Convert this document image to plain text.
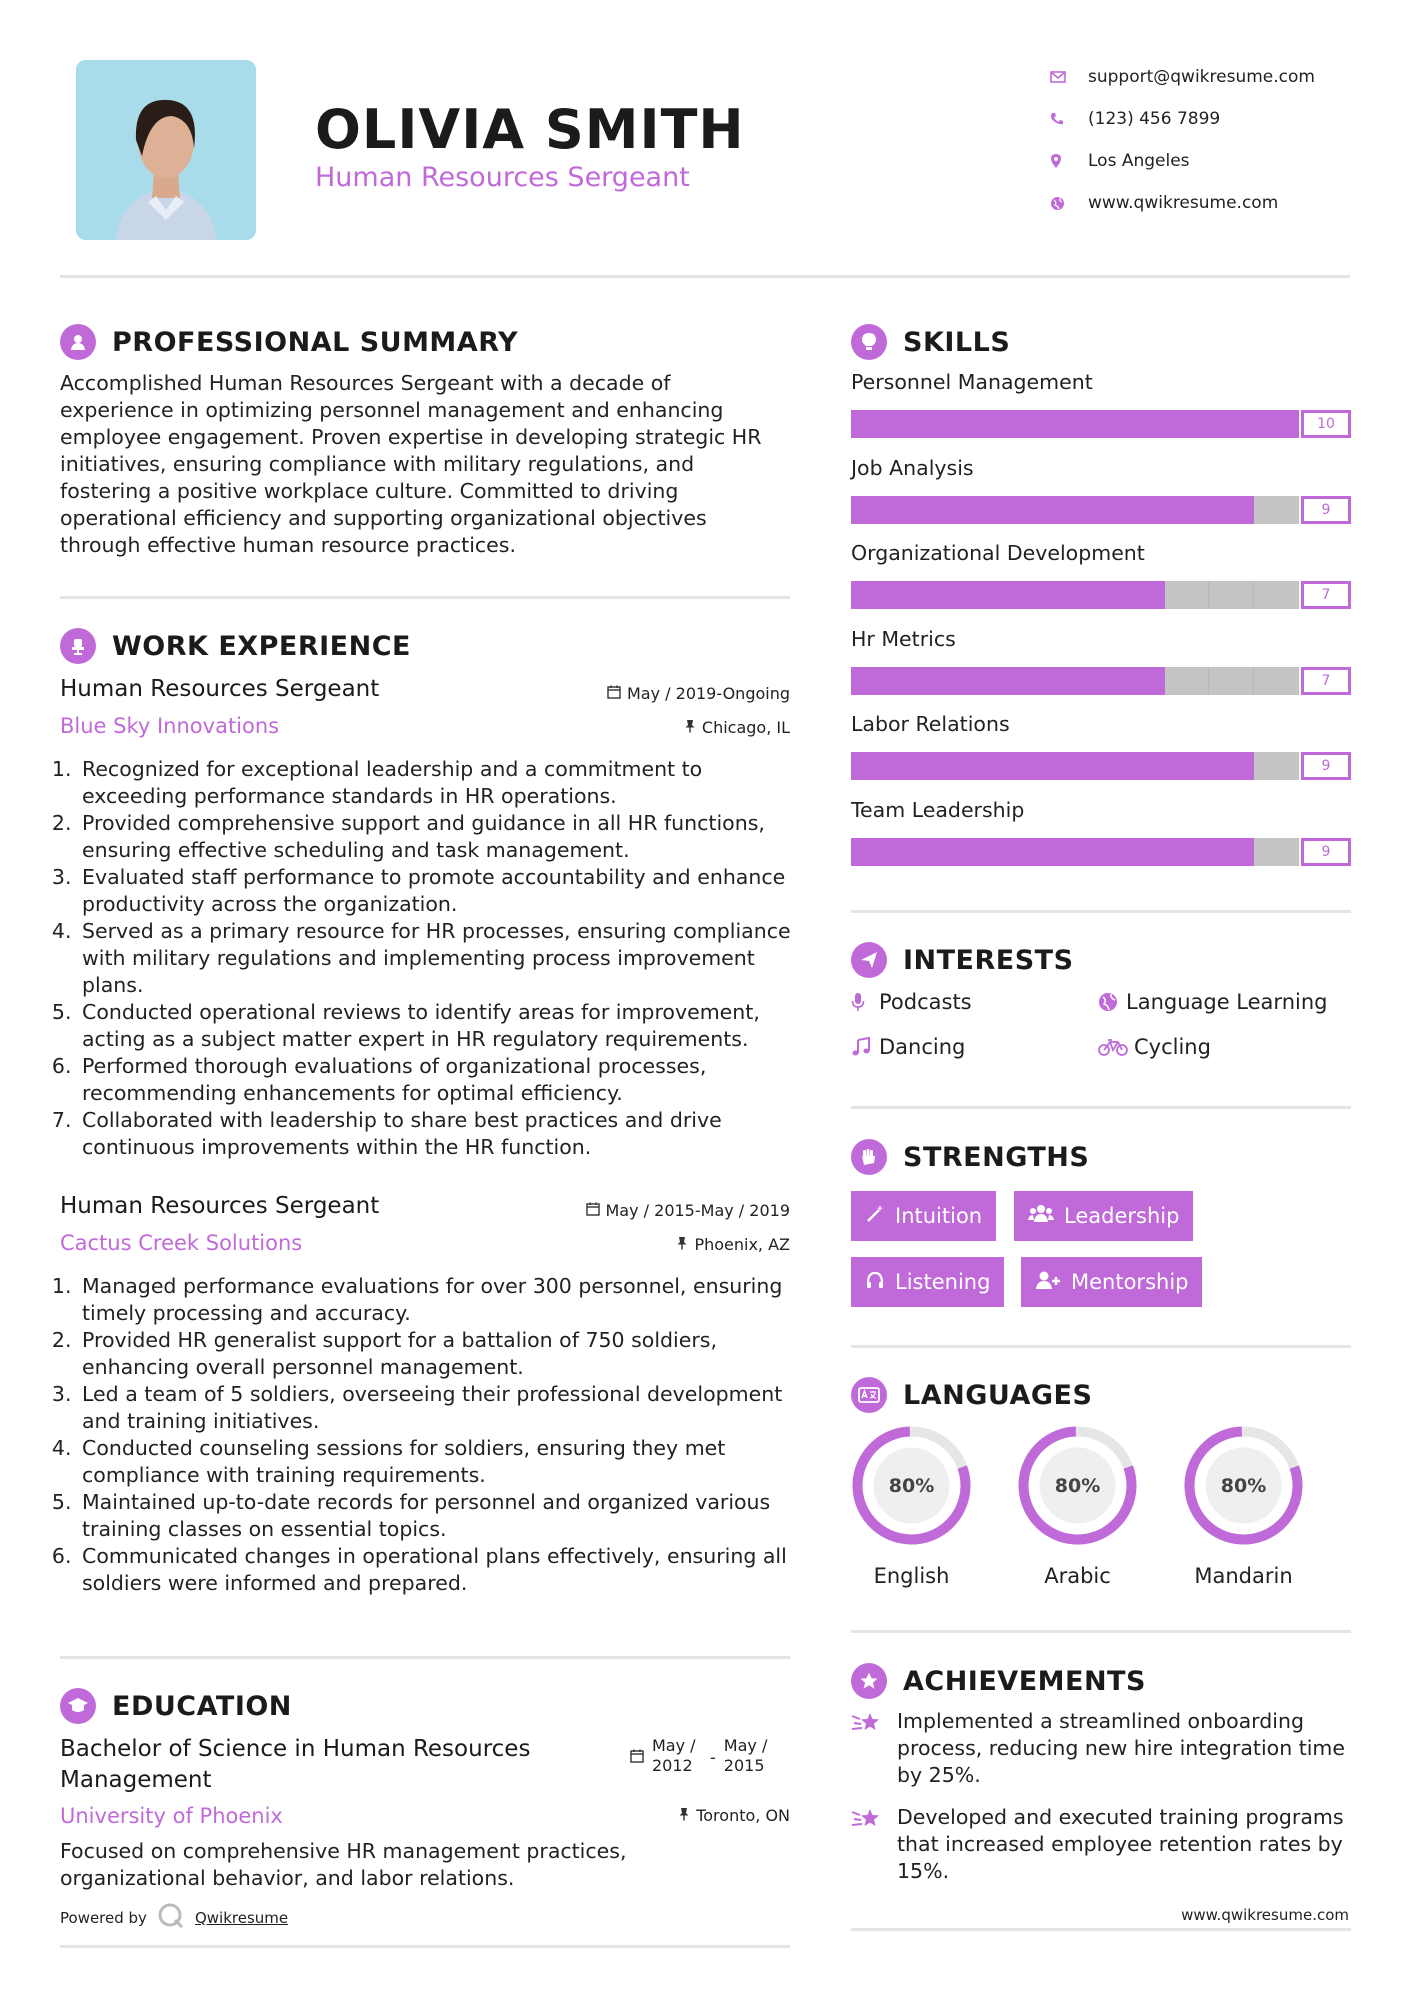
OLIVIA SMITH
Human Resources Sergeant
support@qwikresume.com
(123) 456 7899
Los Angeles
www.qwikresume.com
PROFESSIONAL SUMMARY
Accomplished Human Resources Sergeant with a decade of experience in optimizing personnel management and enhancing employee engagement. Proven expertise in developing strategic HR initiatives, ensuring compliance with military regulations, and fostering a positive workplace culture. Committed to driving operational efficiency and supporting organizational objectives through effective human resource practices.
WORK EXPERIENCE
Human Resources Sergeant	May / 2019-Ongoing
Blue Sky Innovations	Chicago, IL
1. Recognized for exceptional leadership and a commitment to exceeding performance standards in HR operations.
2. Provided comprehensive support and guidance in all HR functions, ensuring effective scheduling and task management.
3. Evaluated staff performance to promote accountability and enhance productivity across the organization.
4. Served as a primary resource for HR processes, ensuring compliance with military regulations and implementing process improvement plans.
5. Conducted operational reviews to identify areas for improvement, acting as a subject matter expert in HR regulatory requirements.
6. Performed thorough evaluations of organizational processes, recommending enhancements for optimal efficiency.
7. Collaborated with leadership to share best practices and drive continuous improvements within the HR function.
Human Resources Sergeant	May / 2015-May / 2019
Cactus Creek Solutions	Phoenix, AZ
1. Managed performance evaluations for over 300 personnel, ensuring timely processing and accuracy.
2. Provided HR generalist support for a battalion of 750 soldiers, enhancing overall personnel management.
3. Led a team of 5 soldiers, overseeing their professional development and training initiatives.
4. Conducted counseling sessions for soldiers, ensuring they met compliance with training requirements.
5. Maintained up-to-date records for personnel and organized various training classes on essential topics.
6. Communicated changes in operational plans effectively, ensuring all soldiers were informed and prepared.
EDUCATION
Bachelor of Science in Human Resources Management
May / 2012	-
May / 2015
University of Phoenix	Toronto, ON
Focused on comprehensive HR management practices, organizational behavior, and labor relations.
Powered by	Qwikresume
SKILLS
Personnel Management
10
Job Analysis
9
Organizational Development
7
Hr Metrics
7
Labor Relations
9
Team Leadership
9
INTERESTS
Podcasts	Language Learning
Dancing	Cycling
STRENGTHS
Intuition	Leadership
Listening	Mentorship
LANGUAGES
80%
English
80%
Arabic
80%
Mandarin
ACHIEVEMENTS
Implemented a streamlined onboarding process, reducing new hire integration time by 25%.
Developed and executed training programs that increased employee retention rates by 15%.
www.qwikresume.com
